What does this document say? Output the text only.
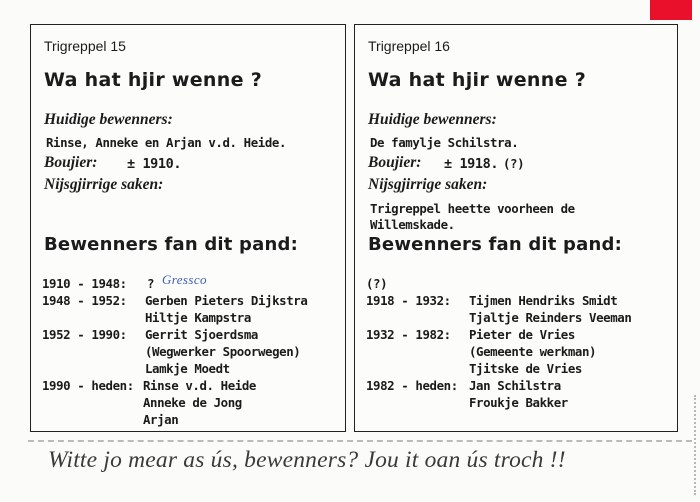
Trigreppel 15
Wa hat hjir wenne ?
Huidige bewenners:
Rinse, Anneke en Arjan v.d. Heide.
Boujier: ± 1910.
Nijsgjirrige saken:
Bewenners fan dit pand:
1910 - 1948: ? Gressco
1948 - 1952: Gerben Pieters Dijkstra
Hiltje Kampstra
1952 - 1990: Gerrit Sjoerdsma
(Wegwerker Spoorwegen)
Lamkje Moedt
1990 - heden: Rinse v.d. Heide
Anneke de Jong
Arjan
Trigreppel 16
Wa hat hjir wenne ?
Huidige bewenners:
De famylje Schilstra.
Boujier: ± 1918. (?)
Nijsgjirrige saken:
Trigreppel heette voorheen de
Willemskade.
Bewenners fan dit pand:
(?)
1918 - 1932: Tijmen Hendriks Smidt
Tjaltje Reinders Veeman
1932 - 1982: Pieter de Vries
(Gemeente werkman)
Tjitske de Vries
1982 - heden: Jan Schilstra
Froukje Bakker
Witte jo mear as ús, bewenners? Jou it oan ús troch !!
